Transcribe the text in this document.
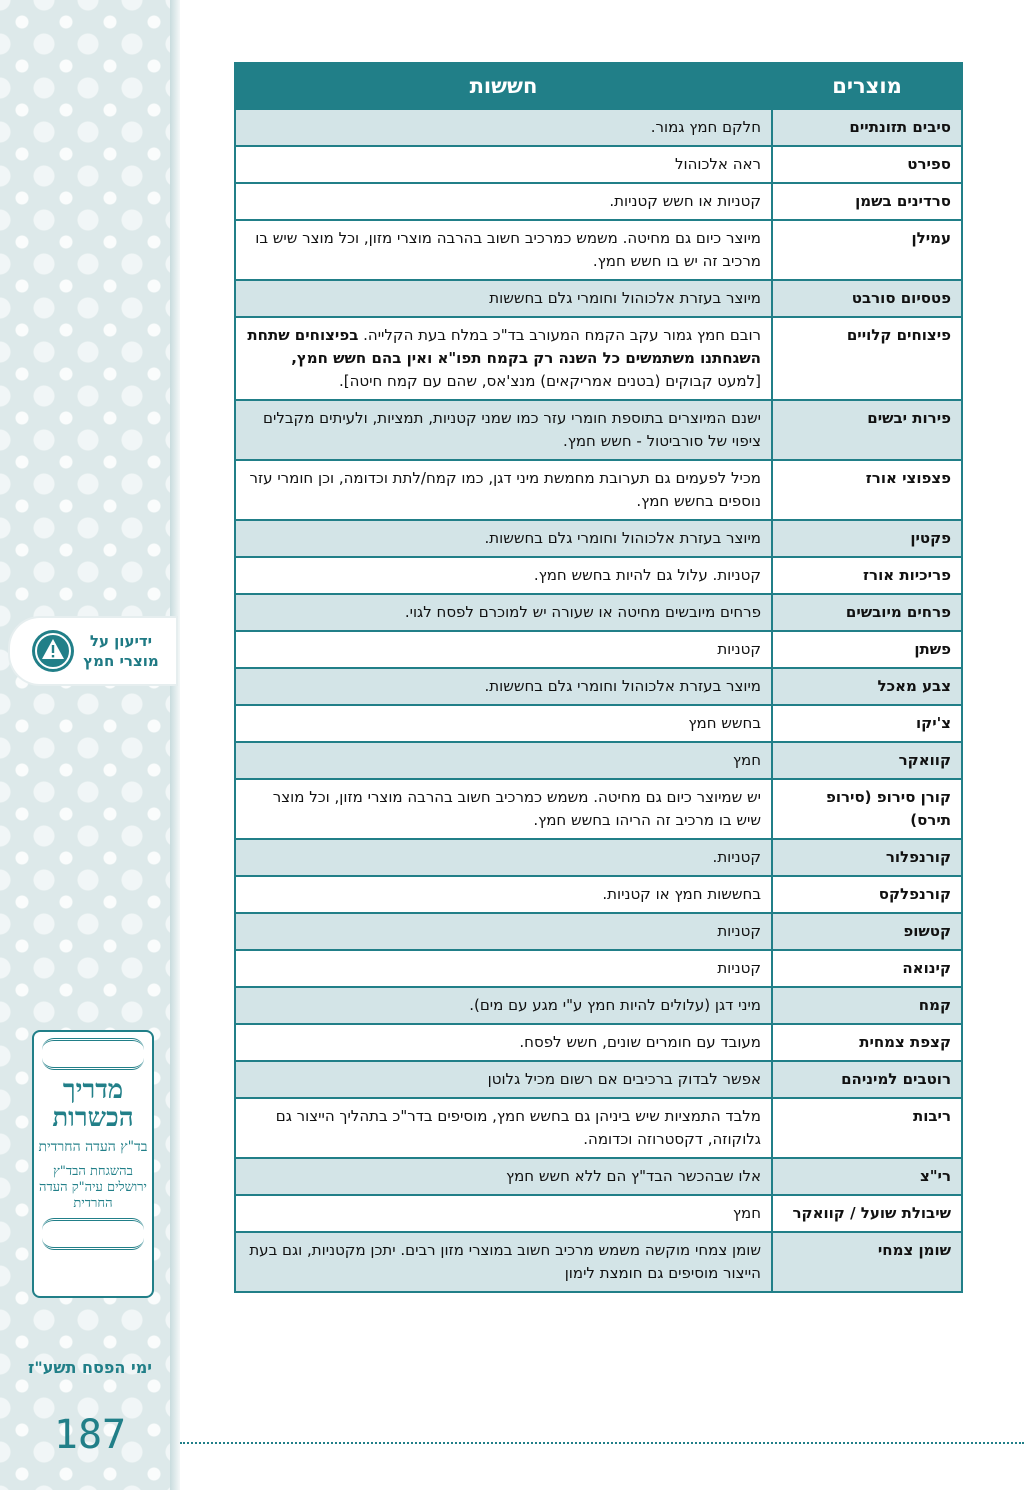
ידיעון על מוצרי חמץ
מדריך הכשרות
בד"ץ העדה החרדית
בהשגחת הבד"ץ ירושלים עיה"ק העדה החרדית
ימי הפסח תשע"ז
187
מוצרים	חששות
סיבים תזונתיים	חלקם חמץ גמור.
ספירט	ראה אלכוהול
סרדינים בשמן	קטניות או חשש קטניות.
עמילן	מיוצר כיום גם מחיטה. משמש כמרכיב חשוב בהרבה מוצרי מזון, וכל מוצר שיש בו מרכיב זה יש בו חשש חמץ.
פטסיום סורבט	מיוצר בעזרת אלכוהול וחומרי גלם בחששות
פיצוחים קלויים	רובם חמץ גמור עקב הקמח המעורב בד"כ במלח בעת הקלייה. בפיצוחים שתחת השגחתנו משתמשים כל השנה רק בקמח תפו"א ואין בהם חשש חמץ, [למעט קבוקים (בטנים אמריקאים) מנצ'אס, שהם עם קמח חיטה].
פירות יבשים	ישנם המיוצרים בתוספת חומרי עזר כמו שמני קטניות, תמציות, ולעיתים מקבלים ציפוי של סורביטול - חשש חמץ.
פצפוצי אורז	מכיל לפעמים גם תערובת מחמשת מיני דגן, כמו קמח/לתת וכדומה, וכן חומרי עזר נוספים בחשש חמץ.
פקטין	מיוצר בעזרת אלכוהול וחומרי גלם בחששות.
פריכיות אורז	קטניות. עלול גם להיות בחשש חמץ.
פרחים מיובשים	פרחים מיובשים מחיטה או שעורה יש למוכרם לפסח לגוי.
פשתן	קטניות
צבע מאכל	מיוצר בעזרת אלכוהול וחומרי גלם בחששות.
צ'יקו	בחשש חמץ
קוואקר	חמץ
קורן סירופ (סירופ תירס)	יש שמיוצר כיום גם מחיטה. משמש כמרכיב חשוב בהרבה מוצרי מזון, וכל מוצר שיש בו מרכיב זה הריהו בחשש חמץ.
קורנפלור	קטניות.
קורנפלקס	בחששות חמץ או קטניות.
קטשופ	קטניות
קינואה	קטניות
קמח	מיני דגן (עלולים להיות חמץ ע"י מגע עם מים).
קצפת צמחית	מעובד עם חומרים שונים, חשש לפסח.
רוטבים למיניהם	אפשר לבדוק ברכיבים אם רשום מכיל גלוטן
ריבות	מלבד התמציות שיש ביניהן גם בחשש חמץ, מוסיפים בדר"כ בתהליך הייצור גם גלוקוזה, דקסטרוזה וכדומה.
רי"צ	אלו שבהכשר הבד"ץ הם ללא חשש חמץ
שיבולת שועל / קוואקר	חמץ
שומן צמחי	שומן צמחי מוקשה משמש מרכיב חשוב במוצרי מזון רבים. יתכן מקטניות, וגם בעת הייצור מוסיפים גם חומצת לימון
